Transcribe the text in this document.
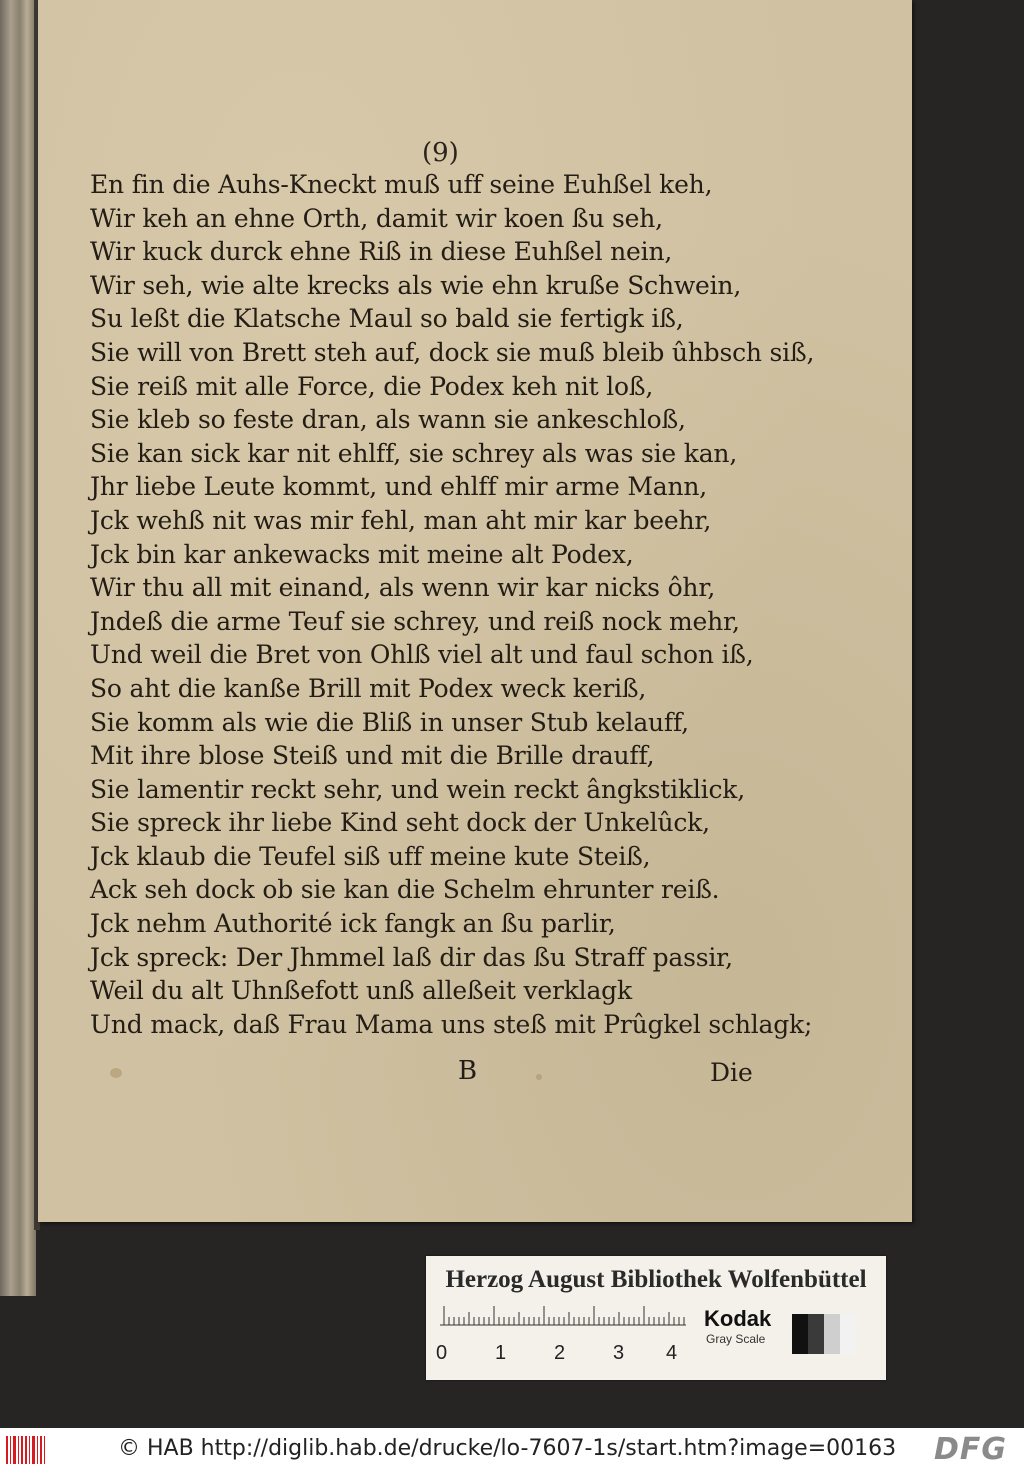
(9)
En fin die Auhs-Kneckt muß uff seine Euhßel keh,
Wir keh an ehne Orth, damit wir koen ßu seh,
Wir kuck durck ehne Riß in diese Euhßel nein,
Wir seh, wie alte krecks als wie ehn kruße Schwein,
Su leßt die Klatsche Maul so bald sie fertigk iß,
Sie will von Brett steh auf, dock sie muß bleib ûhbsch siß,
Sie reiß mit alle Force, die Podex keh nit loß,
Sie kleb so feste dran, als wann sie ankeschloß,
Sie kan sick kar nit ehlff, sie schrey als was sie kan,
Jhr liebe Leute kommt, und ehlff mir arme Mann,
Jck wehß nit was mir fehl, man aht mir kar beehr,
Jck bin kar ankewacks mit meine alt Podex,
Wir thu all mit einand, als wenn wir kar nicks ôhr,
Jndeß die arme Teuf sie schrey, und reiß nock mehr,
Und weil die Bret von Ohlß viel alt und faul schon iß,
So aht die kanße Brill mit Podex weck keriß,
Sie komm als wie die Bliß in unser Stub kelauff,
Mit ihre blose Steiß und mit die Brille drauff,
Sie lamentir reckt sehr, und wein reckt ângkstiklick,
Sie spreck ihr liebe Kind seht dock der Unkelûck,
Jck klaub die Teufel siß uff meine kute Steiß,
Ack seh dock ob sie kan die Schelm ehrunter reiß.
Jck nehm Authorité ick fangk an ßu parlir,
Jck spreck: Der Jhmmel laß dir das ßu Straff passir,
Weil du alt Uhnßefott unß alleßeit verklagk
Und mack, daß Frau Mama uns steß mit Prûgkel schlagk;
B	Die
Herzog August Bibliothek Wolfenbüttel
0 1 2 3 4
Kodak
Gray Scale
© HAB http://diglib.hab.de/drucke/lo-7607-1s/start.htm?image=00163 DFG
